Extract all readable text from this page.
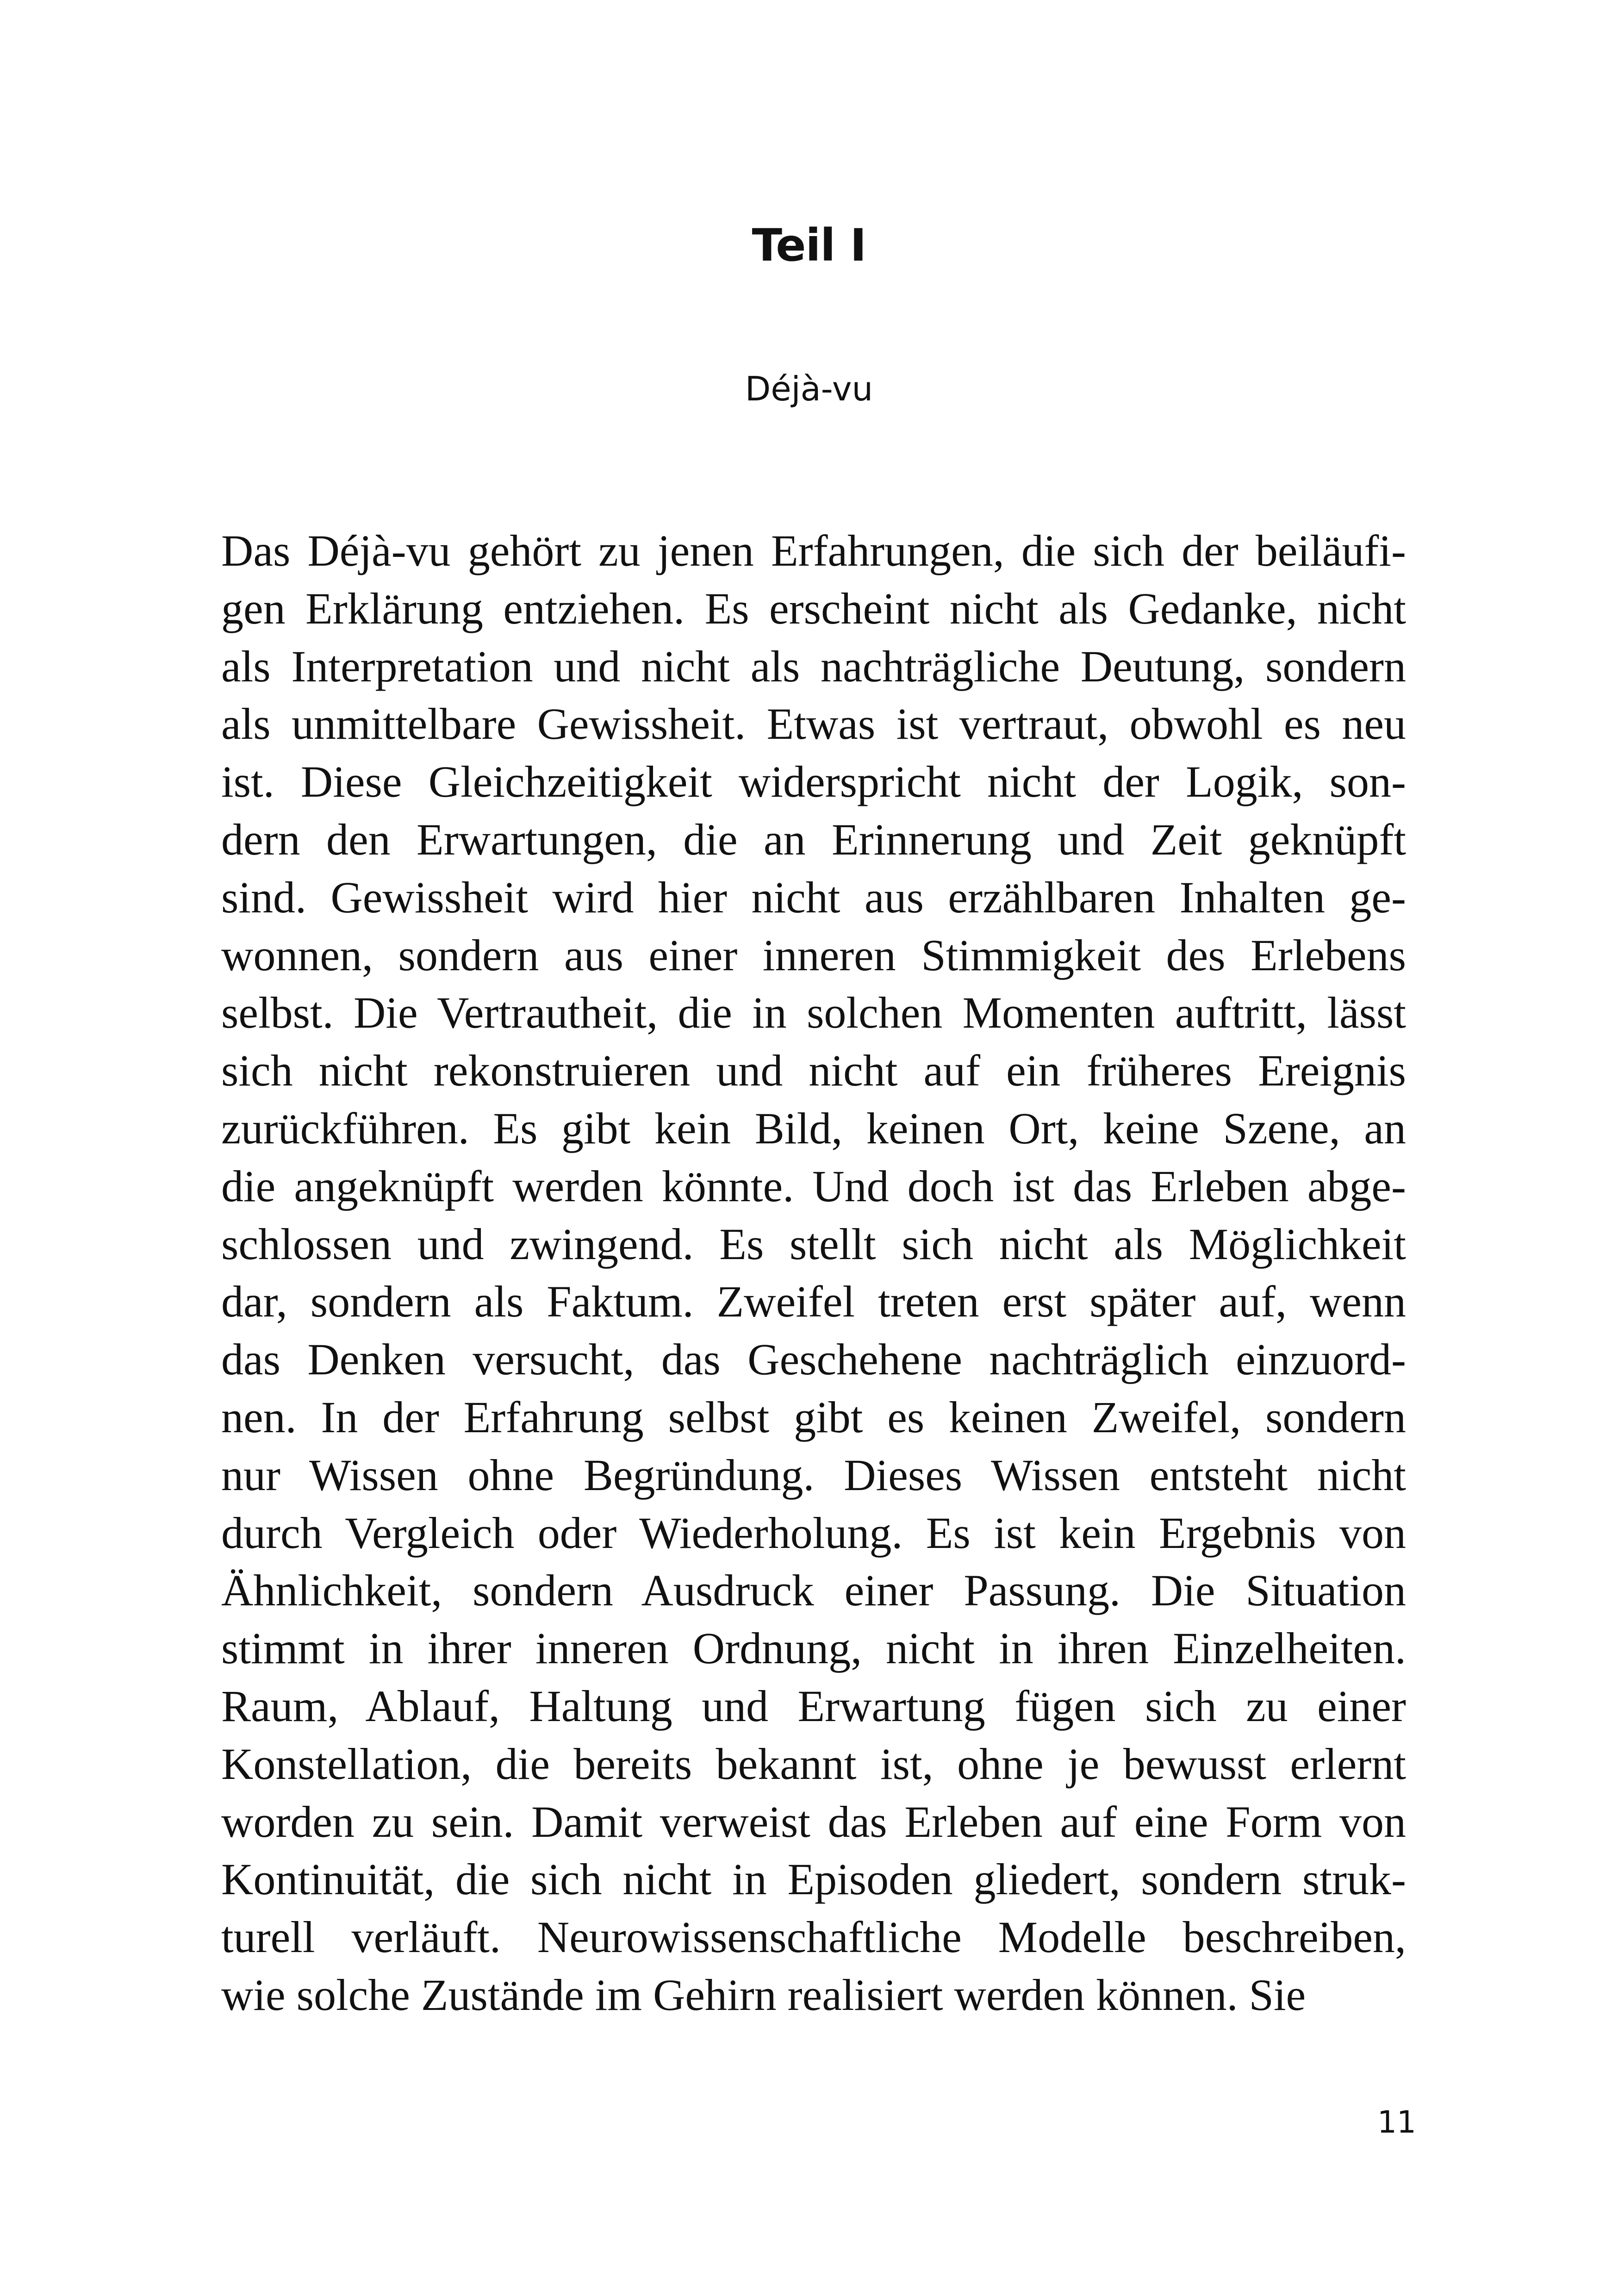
Teil I
Déjà-vu
Das Déjà-vu gehört zu jenen Erfahrungen, die sich der beiläufi-
gen Erklärung entziehen. Es erscheint nicht als Gedanke, nicht
als Interpretation und nicht als nachträgliche Deutung, sondern
als unmittelbare Gewissheit. Etwas ist vertraut, obwohl es neu
ist. Diese Gleichzeitigkeit widerspricht nicht der Logik, son-
dern den Erwartungen, die an Erinnerung und Zeit geknüpft
sind. Gewissheit wird hier nicht aus erzählbaren Inhalten ge-
wonnen, sondern aus einer inneren Stimmigkeit des Erlebens
selbst. Die Vertrautheit, die in solchen Momenten auftritt, lässt
sich nicht rekonstruieren und nicht auf ein früheres Ereignis
zurückführen. Es gibt kein Bild, keinen Ort, keine Szene, an
die angeknüpft werden könnte. Und doch ist das Erleben abge-
schlossen und zwingend. Es stellt sich nicht als Möglichkeit
dar, sondern als Faktum. Zweifel treten erst später auf, wenn
das Denken versucht, das Geschehene nachträglich einzuord-
nen. In der Erfahrung selbst gibt es keinen Zweifel, sondern
nur Wissen ohne Begründung. Dieses Wissen entsteht nicht
durch Vergleich oder Wiederholung. Es ist kein Ergebnis von
Ähnlichkeit, sondern Ausdruck einer Passung. Die Situation
stimmt in ihrer inneren Ordnung, nicht in ihren Einzelheiten.
Raum, Ablauf, Haltung und Erwartung fügen sich zu einer
Konstellation, die bereits bekannt ist, ohne je bewusst erlernt
worden zu sein. Damit verweist das Erleben auf eine Form von
Kontinuität, die sich nicht in Episoden gliedert, sondern struk-
turell verläuft. Neurowissenschaftliche Modelle beschreiben,
wie solche Zustände im Gehirn realisiert werden können. Sie
11
